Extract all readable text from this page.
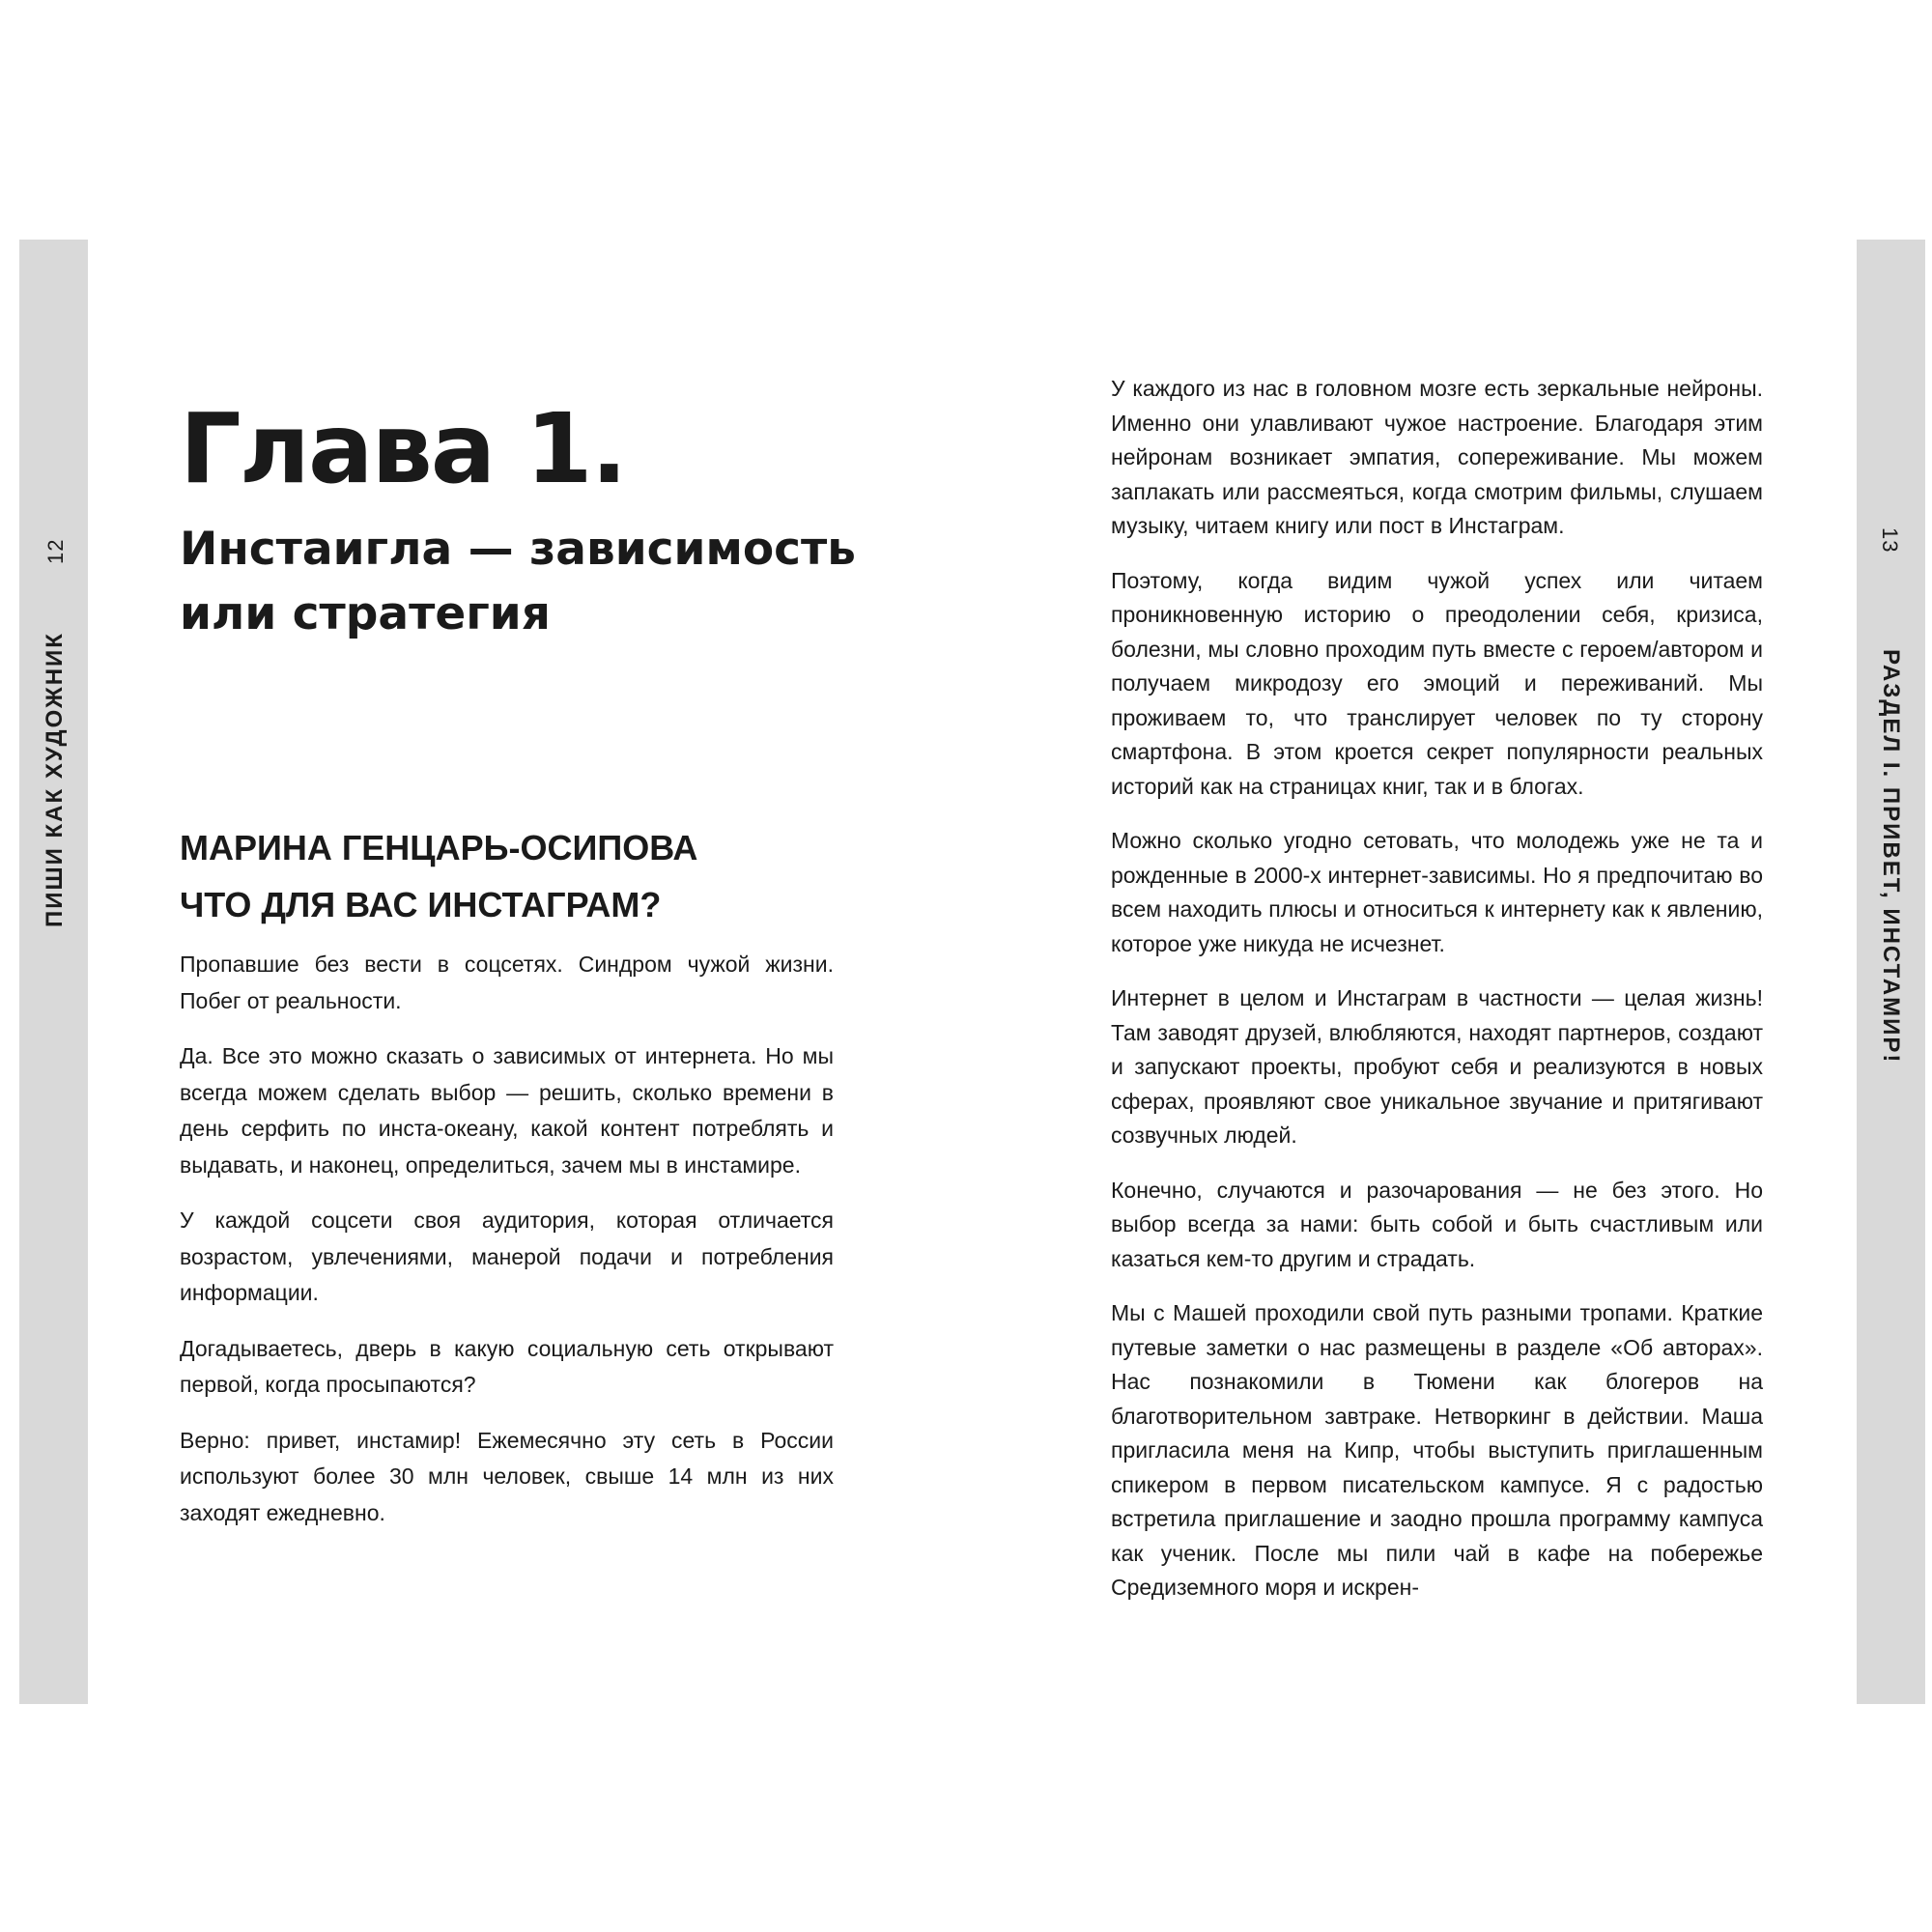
12
ПИШИ КАК ХУДОЖНИК
13
РАЗДЕЛ I. ПРИВЕТ, ИНСТАМИР!
Глава 1.
Инстаигла — зависимость или стратегия
МАРИНА ГЕНЦАРЬ-ОСИПОВА
ЧТО ДЛЯ ВАС ИНСТАГРАМ?

Пропавшие без вести в соцсетях. Синдром чужой жизни. Побег от реальности.

Да. Все это можно сказать о зависимых от интернета. Но мы всегда можем сделать выбор — решить, сколько времени в день серфить по инста-океану, какой контент потреблять и выдавать, и наконец, определиться, зачем мы в инстамире.

У каждой соцсети своя аудитория, которая отличается возрастом, увлечениями, манерой подачи и потребления информации.

Догадываетесь, дверь в какую социальную сеть открывают первой, когда просыпаются?

Верно: привет, инстамир! Ежемесячно эту сеть в России используют более 30 млн человек, свыше 14 млн из них заходят ежедневно.

У каждого из нас в головном мозге есть зеркальные нейроны. Именно они улавливают чужое настроение. Благодаря этим нейронам возникает эмпатия, сопереживание. Мы можем заплакать или рассмеяться, когда смотрим фильмы, слушаем музыку, читаем книгу или пост в Инстаграм.

Поэтому, когда видим чужой успех или читаем проникновенную историю о преодолении себя, кризиса, болезни, мы словно проходим путь вместе с героем/автором и получаем микродозу его эмоций и переживаний. Мы проживаем то, что транслирует человек по ту сторону смартфона. В этом кроется секрет популярности реальных историй как на страницах книг, так и в блогах.

Можно сколько угодно сетовать, что молодежь уже не та и рожденные в 2000-х интернет-зависимы. Но я предпочитаю во всем находить плюсы и относиться к интернету как к явлению, которое уже никуда не исчезнет.

Интернет в целом и Инстаграм в частности — целая жизнь! Там заводят друзей, влюбляются, находят партнеров, создают и запускают проекты, пробуют себя и реализуются в новых сферах, проявляют свое уникальное звучание и притягивают созвучных людей.

Конечно, случаются и разочарования — не без этого. Но выбор всегда за нами: быть собой и быть счастливым или казаться кем-то другим и страдать.

Мы с Машей проходили свой путь разными тропами. Краткие путевые заметки о нас размещены в разделе «Об авторах». Нас познакомили в Тюмени как блогеров на благотворительном завтраке. Нетворкинг в действии. Маша пригласила меня на Кипр, чтобы выступить приглашенным спикером в первом писательском кампусе. Я с радостью встретила приглашение и заодно прошла программу кампуса как ученик. После мы пили чай в кафе на побережье Средиземного моря и искрен-
